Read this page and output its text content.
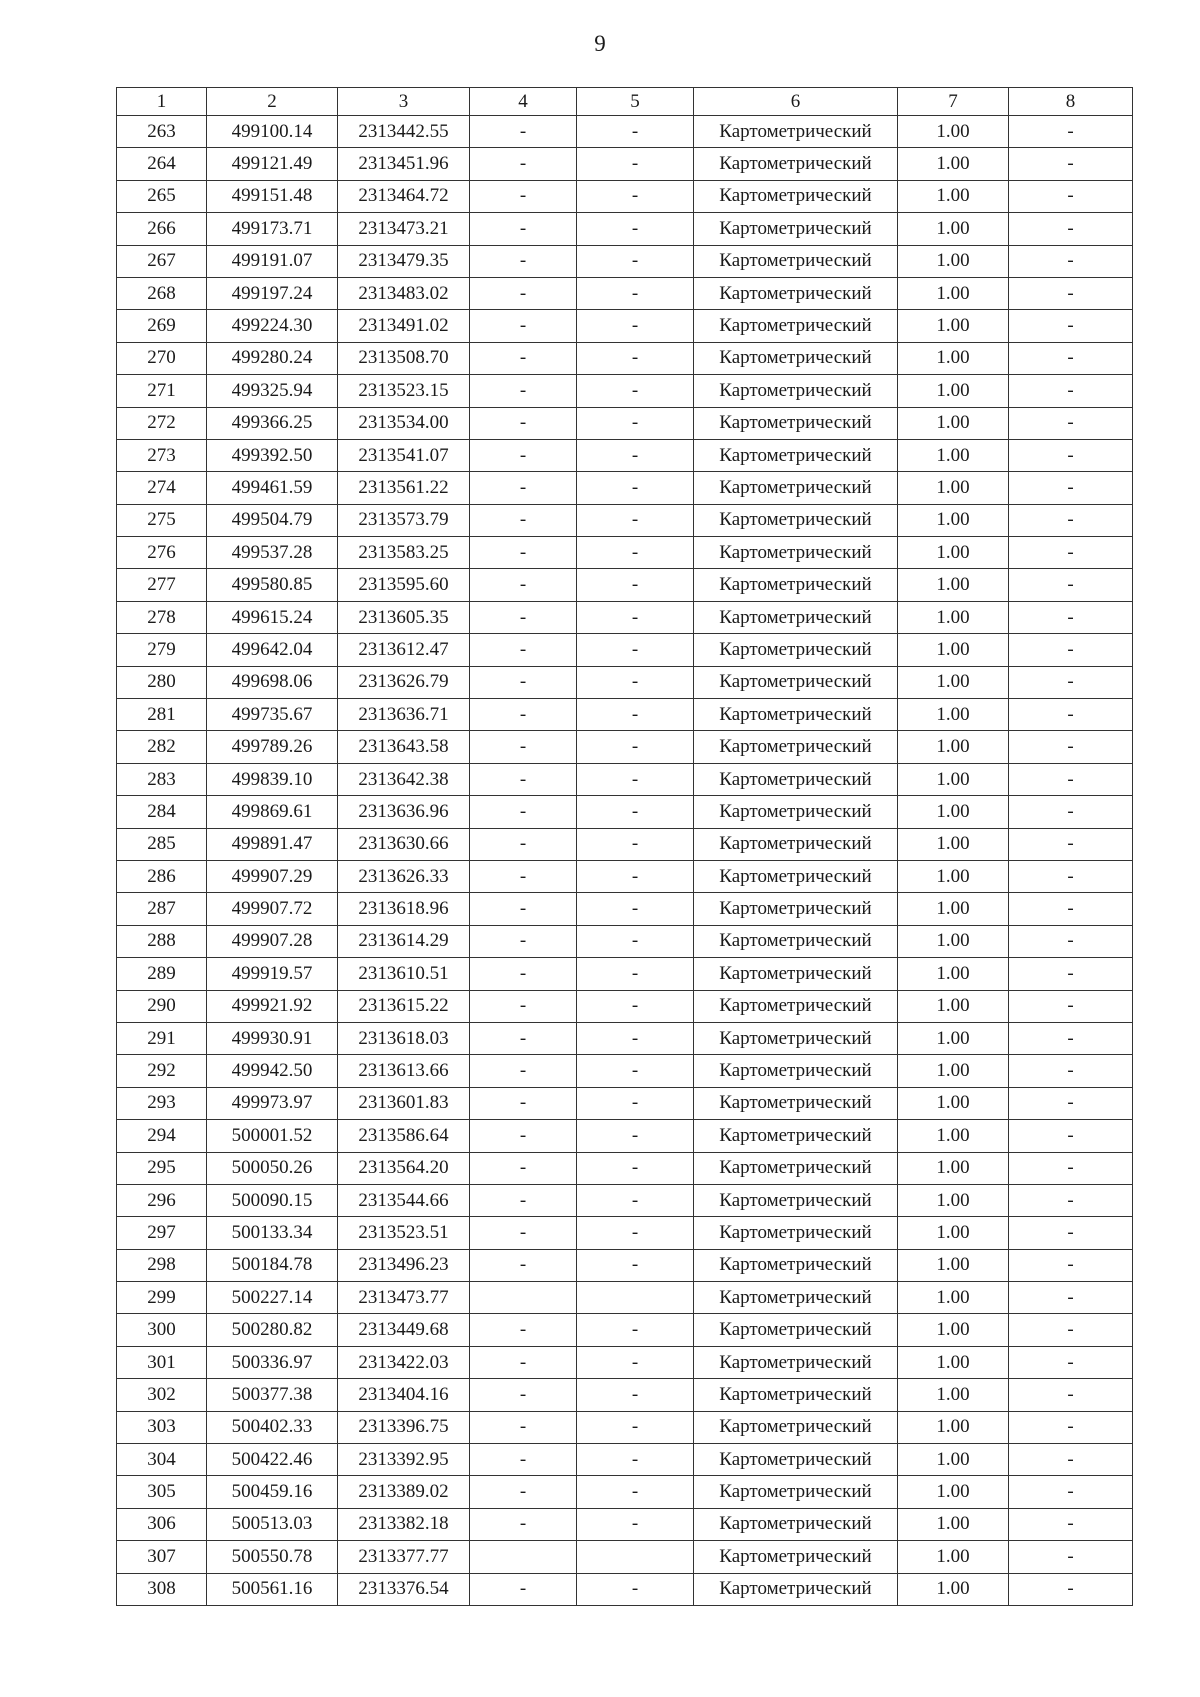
9
1	2	3	4	5	6	7	8
263	499100.14	2313442.55	-	-	Картометрический	1.00	-
264	499121.49	2313451.96	-	-	Картометрический	1.00	-
265	499151.48	2313464.72	-	-	Картометрический	1.00	-
266	499173.71	2313473.21	-	-	Картометрический	1.00	-
267	499191.07	2313479.35	-	-	Картометрический	1.00	-
268	499197.24	2313483.02	-	-	Картометрический	1.00	-
269	499224.30	2313491.02	-	-	Картометрический	1.00	-
270	499280.24	2313508.70	-	-	Картометрический	1.00	-
271	499325.94	2313523.15	-	-	Картометрический	1.00	-
272	499366.25	2313534.00	-	-	Картометрический	1.00	-
273	499392.50	2313541.07	-	-	Картометрический	1.00	-
274	499461.59	2313561.22	-	-	Картометрический	1.00	-
275	499504.79	2313573.79	-	-	Картометрический	1.00	-
276	499537.28	2313583.25	-	-	Картометрический	1.00	-
277	499580.85	2313595.60	-	-	Картометрический	1.00	-
278	499615.24	2313605.35	-	-	Картометрический	1.00	-
279	499642.04	2313612.47	-	-	Картометрический	1.00	-
280	499698.06	2313626.79	-	-	Картометрический	1.00	-
281	499735.67	2313636.71	-	-	Картометрический	1.00	-
282	499789.26	2313643.58	-	-	Картометрический	1.00	-
283	499839.10	2313642.38	-	-	Картометрический	1.00	-
284	499869.61	2313636.96	-	-	Картометрический	1.00	-
285	499891.47	2313630.66	-	-	Картометрический	1.00	-
286	499907.29	2313626.33	-	-	Картометрический	1.00	-
287	499907.72	2313618.96	-	-	Картометрический	1.00	-
288	499907.28	2313614.29	-	-	Картометрический	1.00	-
289	499919.57	2313610.51	-	-	Картометрический	1.00	-
290	499921.92	2313615.22	-	-	Картометрический	1.00	-
291	499930.91	2313618.03	-	-	Картометрический	1.00	-
292	499942.50	2313613.66	-	-	Картометрический	1.00	-
293	499973.97	2313601.83	-	-	Картометрический	1.00	-
294	500001.52	2313586.64	-	-	Картометрический	1.00	-
295	500050.26	2313564.20	-	-	Картометрический	1.00	-
296	500090.15	2313544.66	-	-	Картометрический	1.00	-
297	500133.34	2313523.51	-	-	Картометрический	1.00	-
298	500184.78	2313496.23	-	-	Картометрический	1.00	-
299	500227.14	2313473.77			Картометрический	1.00	-
300	500280.82	2313449.68	-	-	Картометрический	1.00	-
301	500336.97	2313422.03	-	-	Картометрический	1.00	-
302	500377.38	2313404.16	-	-	Картометрический	1.00	-
303	500402.33	2313396.75	-	-	Картометрический	1.00	-
304	500422.46	2313392.95	-	-	Картометрический	1.00	-
305	500459.16	2313389.02	-	-	Картометрический	1.00	-
306	500513.03	2313382.18	-	-	Картометрический	1.00	-
307	500550.78	2313377.77			Картометрический	1.00	-
308	500561.16	2313376.54	-	-	Картометрический	1.00	-
